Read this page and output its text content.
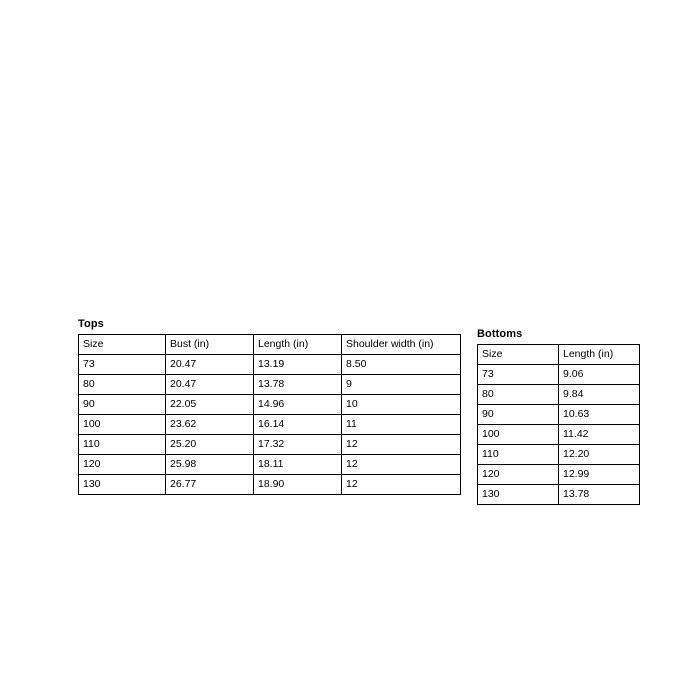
Tops
Size	Bust (in)	Length (in)	Shoulder width (in)
73	20.47	13.19	8.50
80	20.47	13.78	9
90	22.05	14.96	10
100	23.62	16.14	11
110	25.20	17.32	12
120	25.98	18.11	12
130	26.77	18.90	12
Bottoms
Size	Length (in)
73	9.06
80	9.84
90	10.63
100	11.42
110	12.20
120	12.99
130	13.78
